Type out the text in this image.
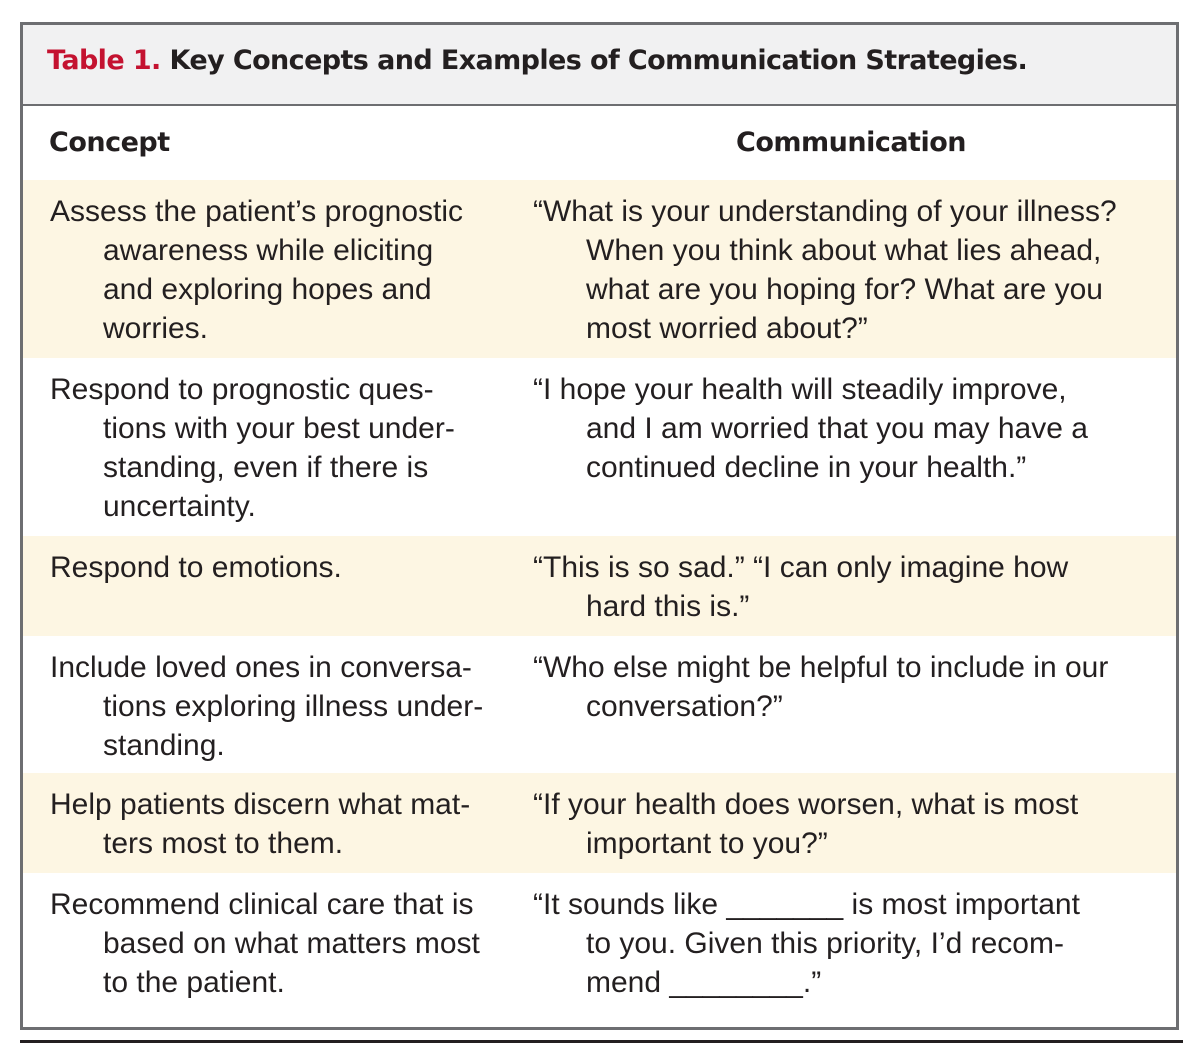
Table 1. Key Concepts and Examples of Communication Strategies.
Concept	Communication
Assess the patient’s prognostic
awareness while eliciting
and exploring hopes and
worries.
“What is your understanding of your illness?
When you think about what lies ahead,
what are you hoping for? What are you
most worried about?”
Respond to prognostic ques-
tions with your best under-
standing, even if there is
uncertainty.
“I hope your health will steadily improve,
and I am worried that you may have a
continued decline in your health.”
Respond to emotions.	“This is so sad.” “I can only imagine how
hard this is.”
Include loved ones in conversa-
tions exploring illness under-
standing.
“Who else might be helpful to include in our
conversation?”
Help patients discern what mat-
ters most to them.
“If your health does worsen, what is most
important to you?”
Recommend clinical care that is
based on what matters most
to the patient.
“It sounds like _______ is most important
to you. Given this priority, I’d recom-
mend ________.”
